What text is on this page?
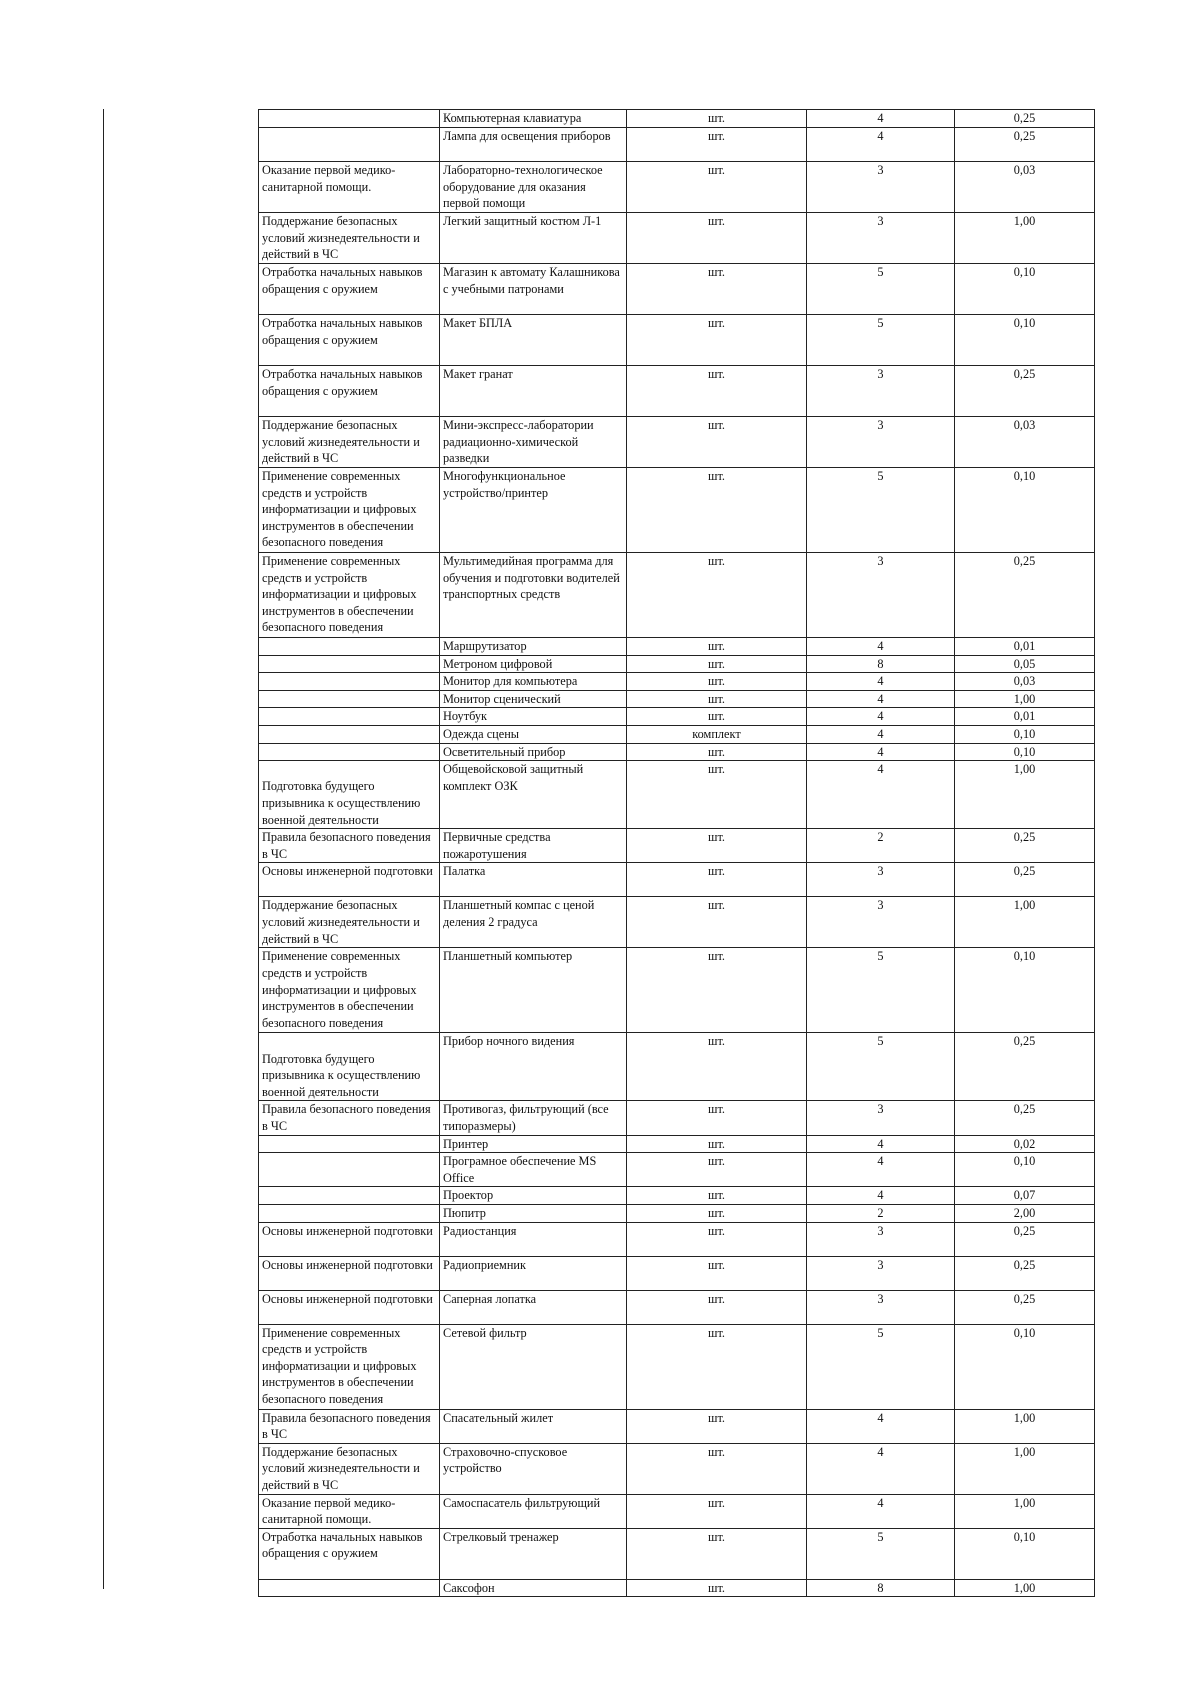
	Компьютерная клавиатура	шт.	4	0,25
	Лампа для освещения приборов	шт.	4	0,25
Оказание первой медико-санитарной помощи.	Лабораторно-технологическое оборудование для оказания первой помощи	шт.	3	0,03
Поддержание безопасных условий жизнедеятельности и действий в ЧС	Легкий защитный костюм Л-1	шт.	3	1,00
Отработка начальных навыков обращения с оружием	Магазин к автомату Калашникова с учебными патронами	шт.	5	0,10
Отработка начальных навыков обращения с оружием	Макет БПЛА	шт.	5	0,10
Отработка начальных навыков обращения с оружием	Макет гранат	шт.	3	0,25
Поддержание безопасных условий жизнедеятельности и действий в ЧС	Мини-экспресс-лаборатории радиационно-химической разведки	шт.	3	0,03
Применение современных средств и устройств информатизации и цифровых инструментов в обеспечении безопасного поведения	Многофункциональное устройство/принтер	шт.	5	0,10
Применение современных средств и устройств информатизации и цифровых инструментов в обеспечении безопасного поведения	Мультимедийная программа для обучения и подготовки водителей транспортных средств	шт.	3	0,25
	Маршрутизатор	шт.	4	0,01
	Метроном цифровой	шт.	8	0,05
	Монитор для компьютера	шт.	4	0,03
	Монитор сценический	шт.	4	1,00
	Ноутбук	шт.	4	0,01
	Одежда сцены	комплект	4	0,10
	Осветительный прибор	шт.	4	0,10
Подготовка будущего призывника к осуществлению военной деятельности	Общевойсковой защитный комплект ОЗК	шт.	4	1,00
Правила безопасного поведения в ЧС	Первичные средства пожаротушения	шт.	2	0,25
Основы инженерной подготовки	Палатка	шт.	3	0,25
Поддержание безопасных условий жизнедеятельности и действий в ЧС	Планшетный компас с ценой деления 2 градуса	шт.	3	1,00
Применение современных средств и устройств информатизации и цифровых инструментов в обеспечении безопасного поведения	Планшетный компьютер	шт.	5	0,10
Подготовка будущего призывника к осуществлению военной деятельности	Прибор ночного видения	шт.	5	0,25
Правила безопасного поведения в ЧС	Противогаз, фильтрующий (все типоразмеры)	шт.	3	0,25
	Принтер	шт.	4	0,02
	Програмное обеспечение MS Office	шт.	4	0,10
	Проектор	шт.	4	0,07
	Пюпитр	шт.	2	2,00
Основы инженерной подготовки	Радиостанция	шт.	3	0,25
Основы инженерной подготовки	Радиоприемник	шт.	3	0,25
Основы инженерной подготовки	Саперная лопатка	шт.	3	0,25
Применение современных средств и устройств информатизации и цифровых инструментов в обеспечении безопасного поведения	Сетевой фильтр	шт.	5	0,10
Правила безопасного поведения в ЧС	Спасательный жилет	шт.	4	1,00
Поддержание безопасных условий жизнедеятельности и действий в ЧС	Страховочно-спусковое устройство	шт.	4	1,00
Оказание первой медико-санитарной помощи.	Самоспасатель фильтрующий	шт.	4	1,00
Отработка начальных навыков обращения с оружием	Стрелковый тренажер	шт.	5	0,10
	Саксофон	шт.	8	1,00
